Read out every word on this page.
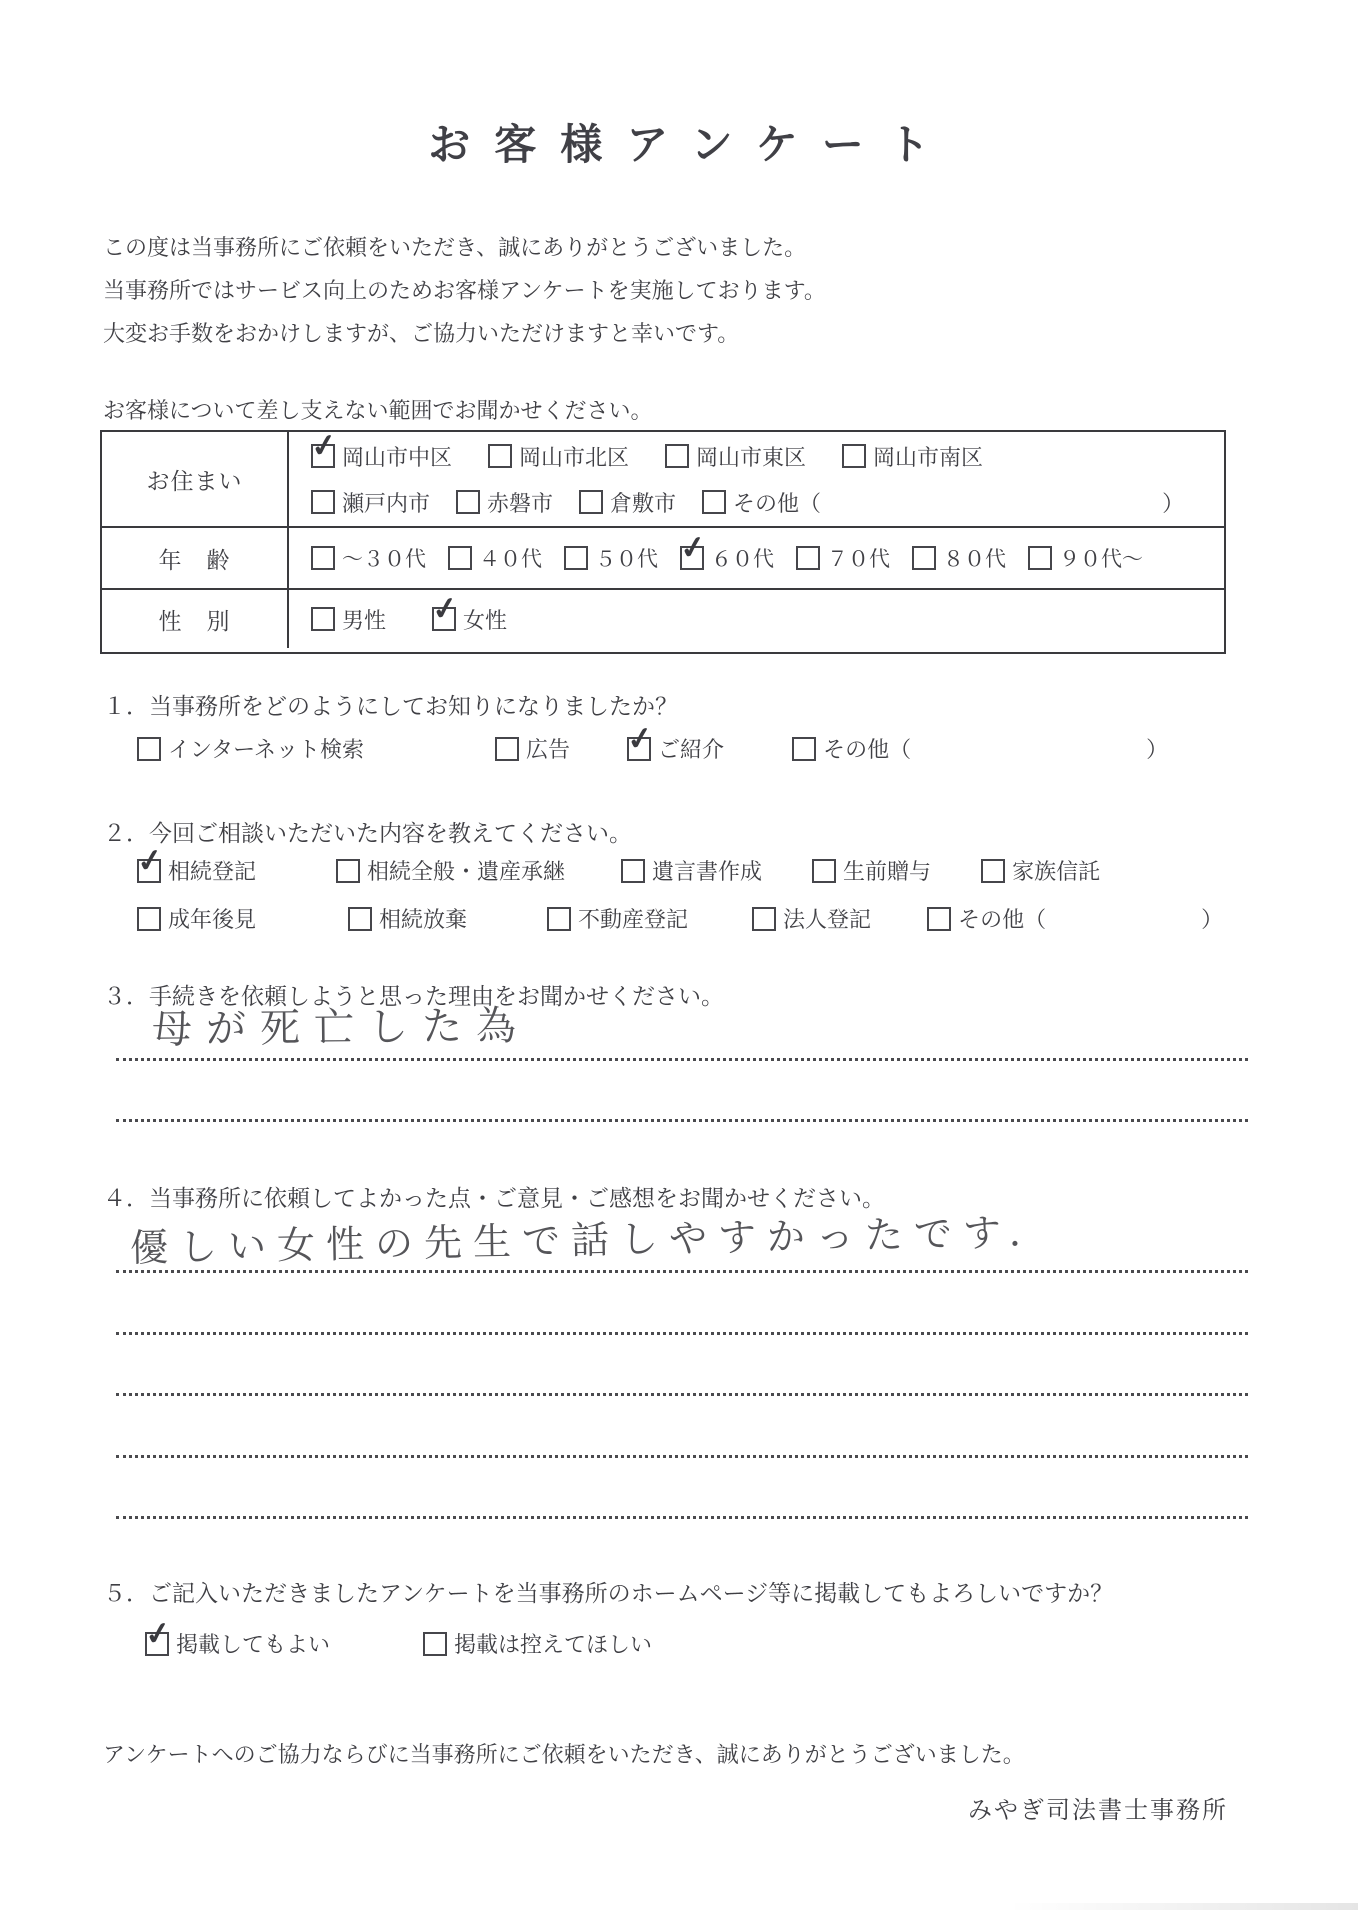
お客様アンケート
この度は当事務所にご依頼をいただき、誠にありがとうございました。
当事務所ではサービス向上のためお客様アンケートを実施しております。
大変お手数をおかけしますが、ご協力いただけますと幸いです。
お客様について差し支えない範囲でお聞かせください。
お住まい
✓ 岡山市中区	岡山市北区	岡山市東区	岡山市南区
瀬戸内市	赤磐市	倉敷市	その他（	）
年　齢	～３０代	４０代	５０代 ✓ ６０代	７０代	８０代	９０代～
性　別	男性 ✓ 女性
１．当事務所をどのようにしてお知りになりましたか？
インターネット検索	広告 ✓ ご紹介	その他（	）
２．今回ご相談いただいた内容を教えてください。
✓ 相続登記	相続全般・遺産承継	遺言書作成	生前贈与	家族信託
成年後見	相続放棄	不動産登記	法人登記	その他（	）
３．手続きを依頼しようと思った理由をお聞かせください。
母が死亡した為
４．当事務所に依頼してよかった点・ご意見・ご感想をお聞かせください。
優しい女性の先生で話しやすかったです．
５．ご記入いただきましたアンケートを当事務所のホームページ等に掲載してもよろしいですか？
✓ 掲載してもよい	掲載は控えてほしい
アンケートへのご協力ならびに当事務所にご依頼をいただき、誠にありがとうございました。
みやぎ司法書士事務所
